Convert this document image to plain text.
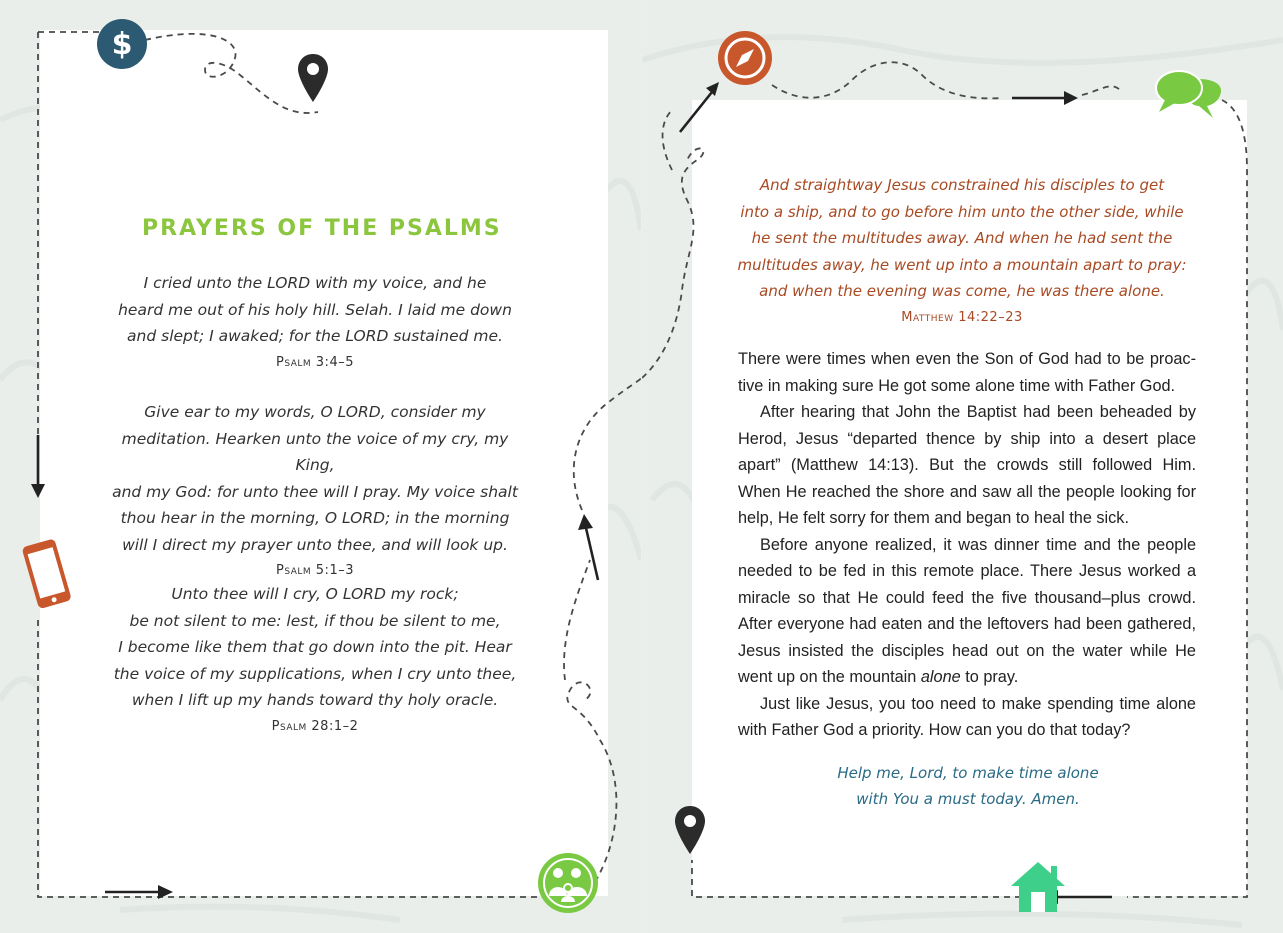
$
PRAYERS OF THE PSALMS
I cried unto the LORD with my voice, and he
heard me out of his holy hill. Selah. I laid me down
and slept; I awaked; for the LORD sustained me.
Psalm 3:4–5
Give ear to my words, O LORD, consider my
meditation. Hearken unto the voice of my cry, my King,
and my God: for unto thee will I pray. My voice shalt
thou hear in the morning, O LORD; in the morning
will I direct my prayer unto thee, and will look up.
Psalm 5:1–3
Unto thee will I cry, O LORD my rock;
be not silent to me: lest, if thou be silent to me,
I become like them that go down into the pit. Hear
the voice of my supplications, when I cry unto thee,
when I lift up my hands toward thy holy oracle.
Psalm 28:1–2
And straightway Jesus constrained his disciples to get
into a ship, and to go before him unto the other side, while
he sent the multitudes away. And when he had sent the
multitudes away, he went up into a mountain apart to pray:
and when the evening was come, he was there alone.
Matthew 14:22–23

There were times when even the Son of God had to be proac-tive in making sure He got some alone time with Father God.

After hearing that John the Baptist had been beheaded by Herod, Jesus “departed thence by ship into a desert place apart” (Matthew 14:13). But the crowds still followed Him. When He reached the shore and saw all the people looking for help, He felt sorry for them and began to heal the sick.

Before anyone realized, it was dinner time and the people needed to be fed in this remote place. There Jesus worked a miracle so that He could feed the five thousand–plus crowd. After everyone had eaten and the leftovers had been gathered, Jesus insisted the disciples head out on the water while He went up on the mountain alone to pray.

Just like Jesus, you too need to make spending time alone with Father God a priority. How can you do that today?

Help me, Lord, to make time alone
with You a must today. Amen.
